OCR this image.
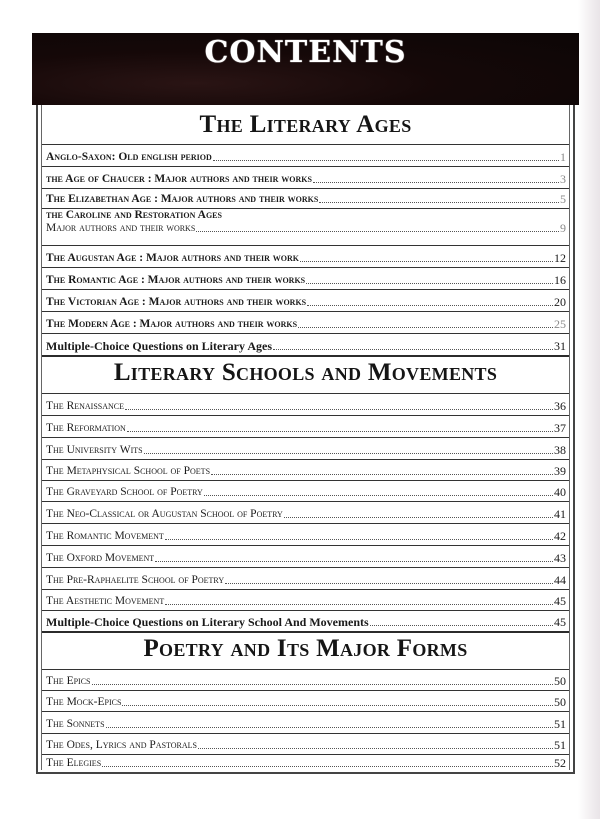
CONTENTS
The Literary Ages
Anglo-Saxon: Old english period	1
the Age of Chaucer : Major authors and their works	3
The Elizabethan Age : Major authors and their works	5
the Caroline and Restoration Ages
Major authors and their works	9
The Augustan Age : Major authors and their work	12
The Romantic Age : Major authors and their works	16
The Victorian Age : Major authors and their works	20
The Modern Age : Major authors and their works	25
Multiple-Choice Questions on Literary Ages	31
Literary Schools and Movements
The Renaissance	36
The Reformation	37
The University Wits	38
The Metaphysical School of Poets	39
The Graveyard School of Poetry	40
The Neo-Classical or Augustan School of Poetry	41
The Romantic Movement	42
The Oxford Movement	43
The Pre-Raphaelite School of Poetry	44
The Aesthetic Movement	45
Multiple-Choice Questions on Literary School And Movements	45
Poetry and Its Major Forms
The Epics	50
The Mock-Epics	50
The Sonnets	51
The Odes, Lyrics and Pastorals	51
The Elegies	52
